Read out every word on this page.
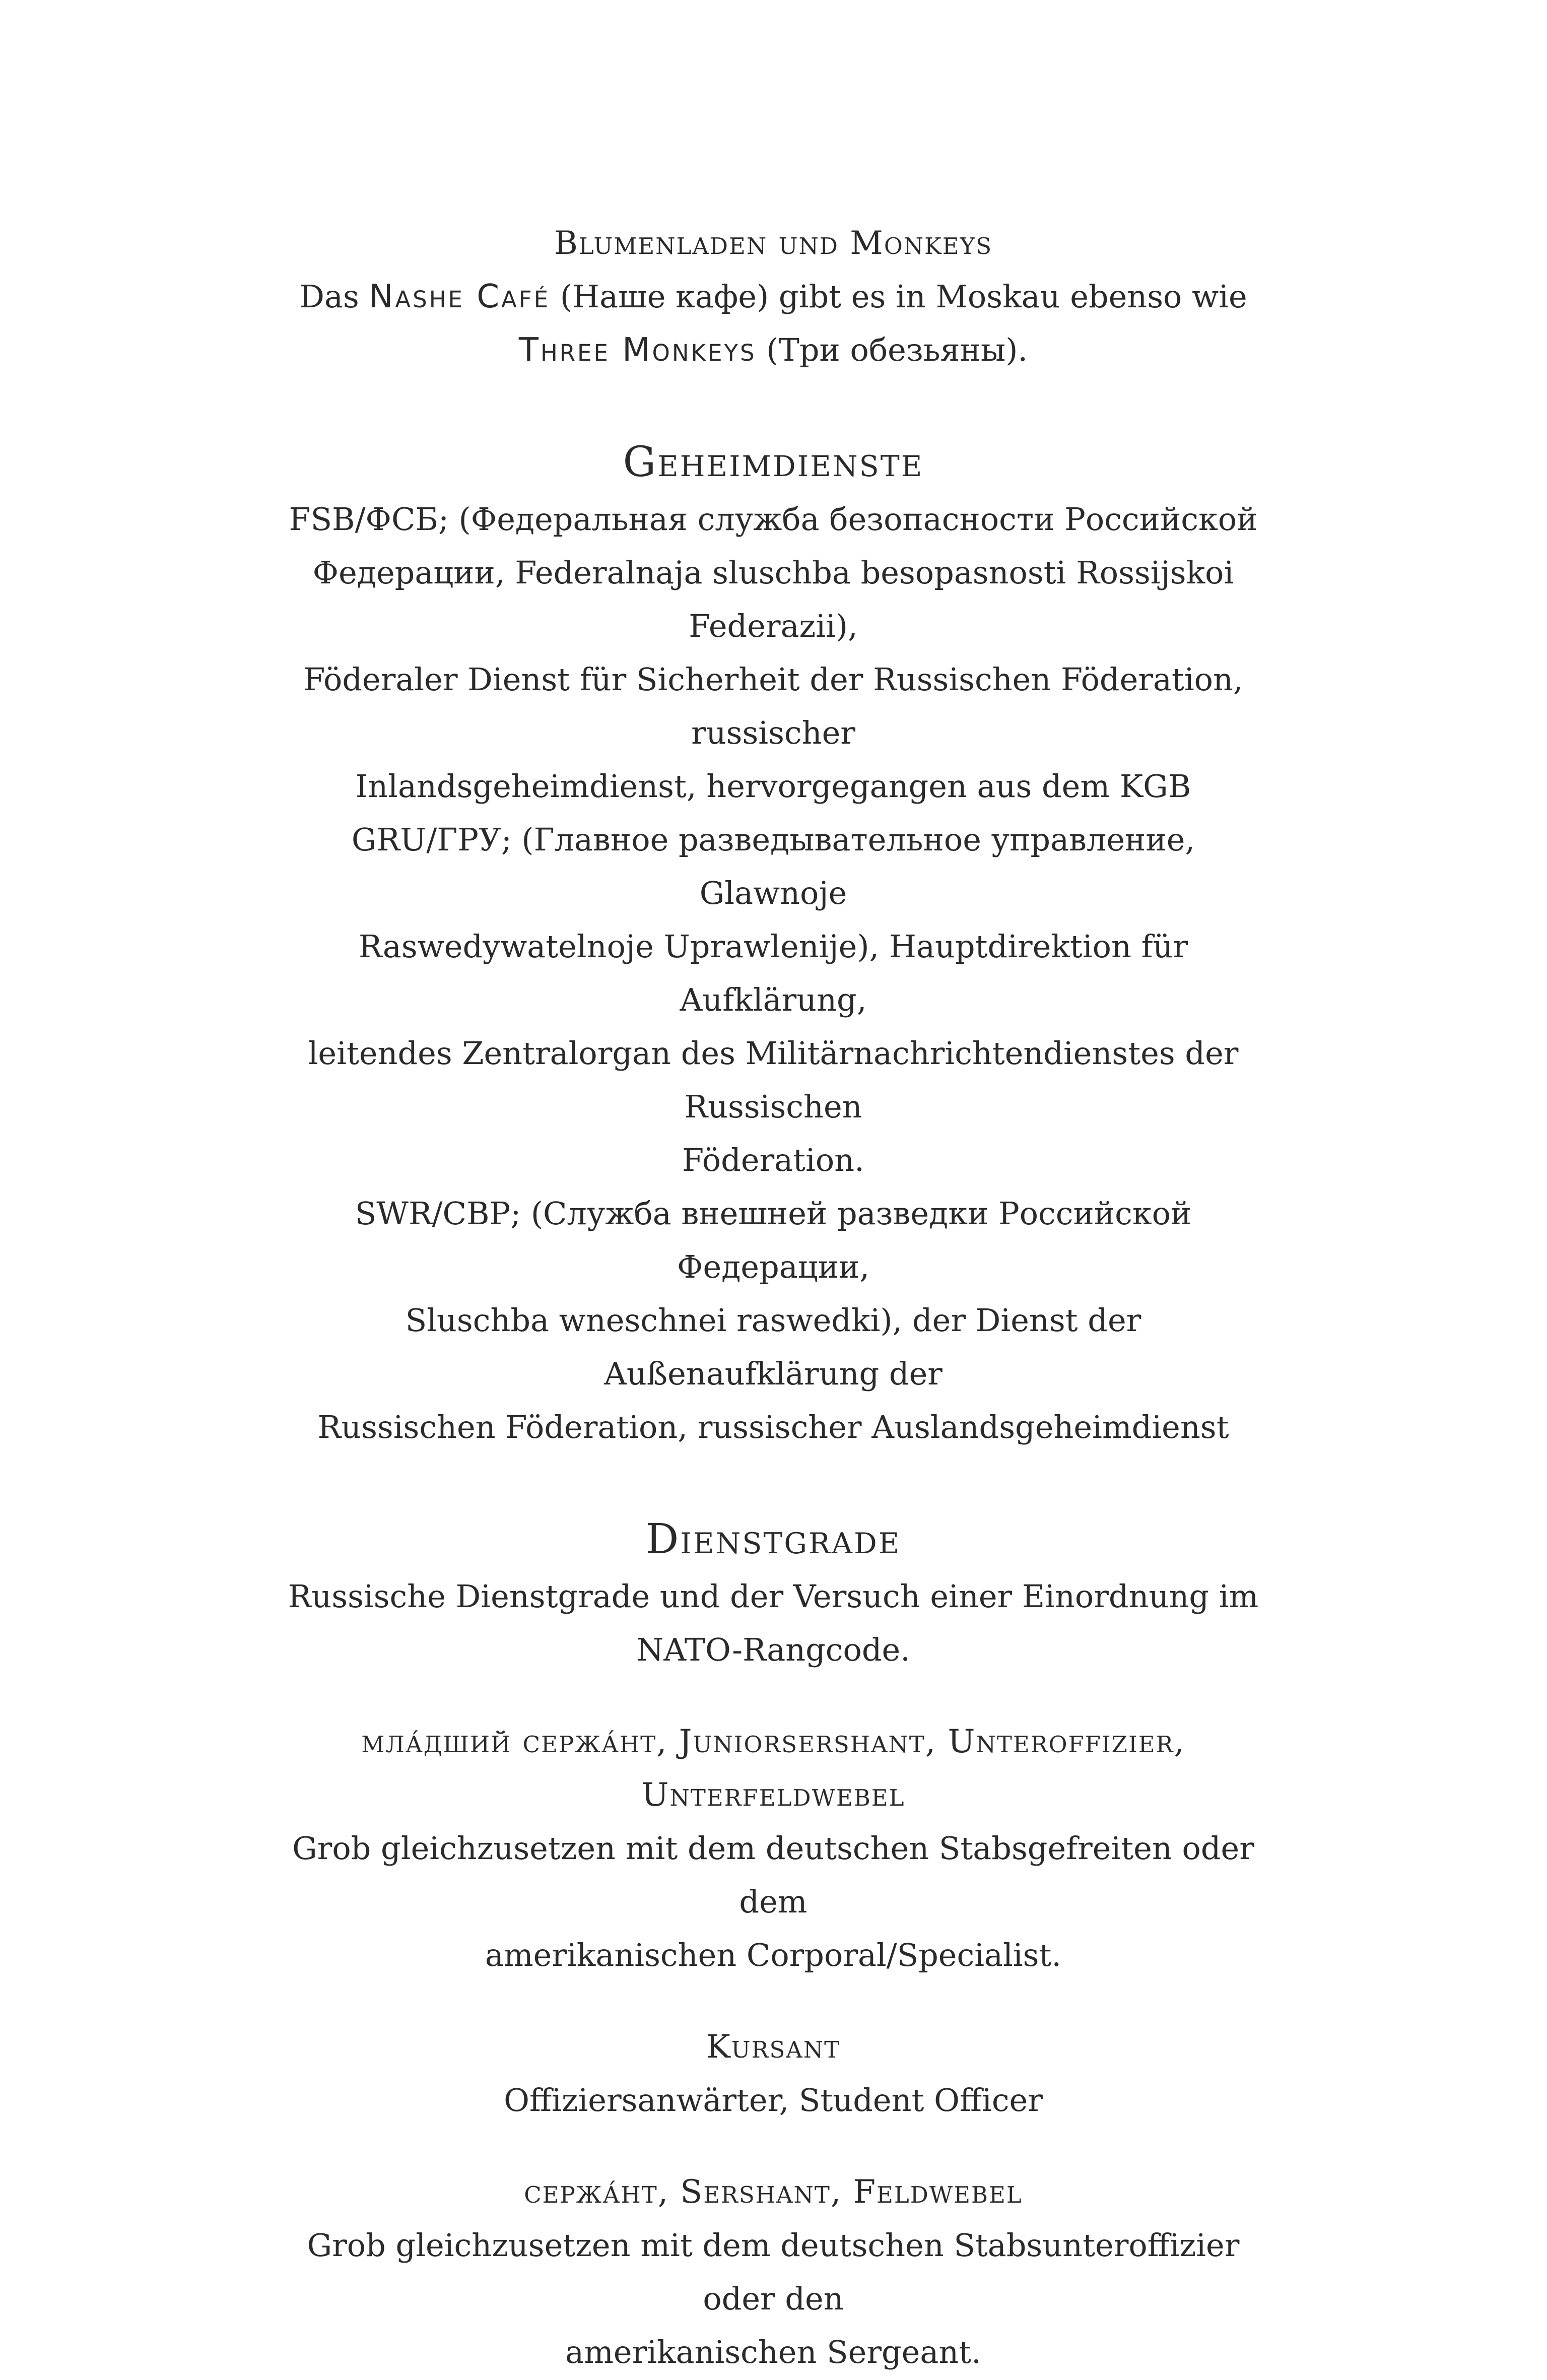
Blumenladen und Monkeys

Das Nashe Café (Наше кафе) gibt es in Moskau ebenso wie

Three Monkeys (Три обезьяны).

Geheimdienste

FSB/ФСБ; (Федеральная служба безопасности Российской

Федерации, Federalnaja sluschba besopasnosti Rossijskoi Federazii),

Föderaler Dienst für Sicherheit der Russischen Föderation, russischer

Inlandsgeheimdienst, hervorgegangen aus dem KGB

GRU/ГРУ; (Главное разведывательное управление, Glawnoje

Raswedywatelnoje Uprawlenije), Hauptdirektion für Aufklärung,

leitendes Zentralorgan des Militärnachrichtendienstes der Russischen

Föderation.

SWR/СВР; (Служба внешней разведки Российской Федерации,

Sluschba wneschnei raswedki), der Dienst der Außenaufklärung der

Russischen Föderation, russischer Auslandsgeheimdienst

Dienstgrade

Russische Dienstgrade und der Versuch einer Einordnung im

NATO-Rangcode.

мла́дший сержа́нт, Juniorsershant, Unteroffizier,

Unterfeldwebel

Grob gleichzusetzen mit dem deutschen Stabsgefreiten oder dem

amerikanischen Corporal/Specialist.

Kursant

Offiziersanwärter, Student Officer

сержа́нт, Sershant, Feldwebel

Grob gleichzusetzen mit dem deutschen Stabsunteroffizier oder den

amerikanischen Sergeant.
